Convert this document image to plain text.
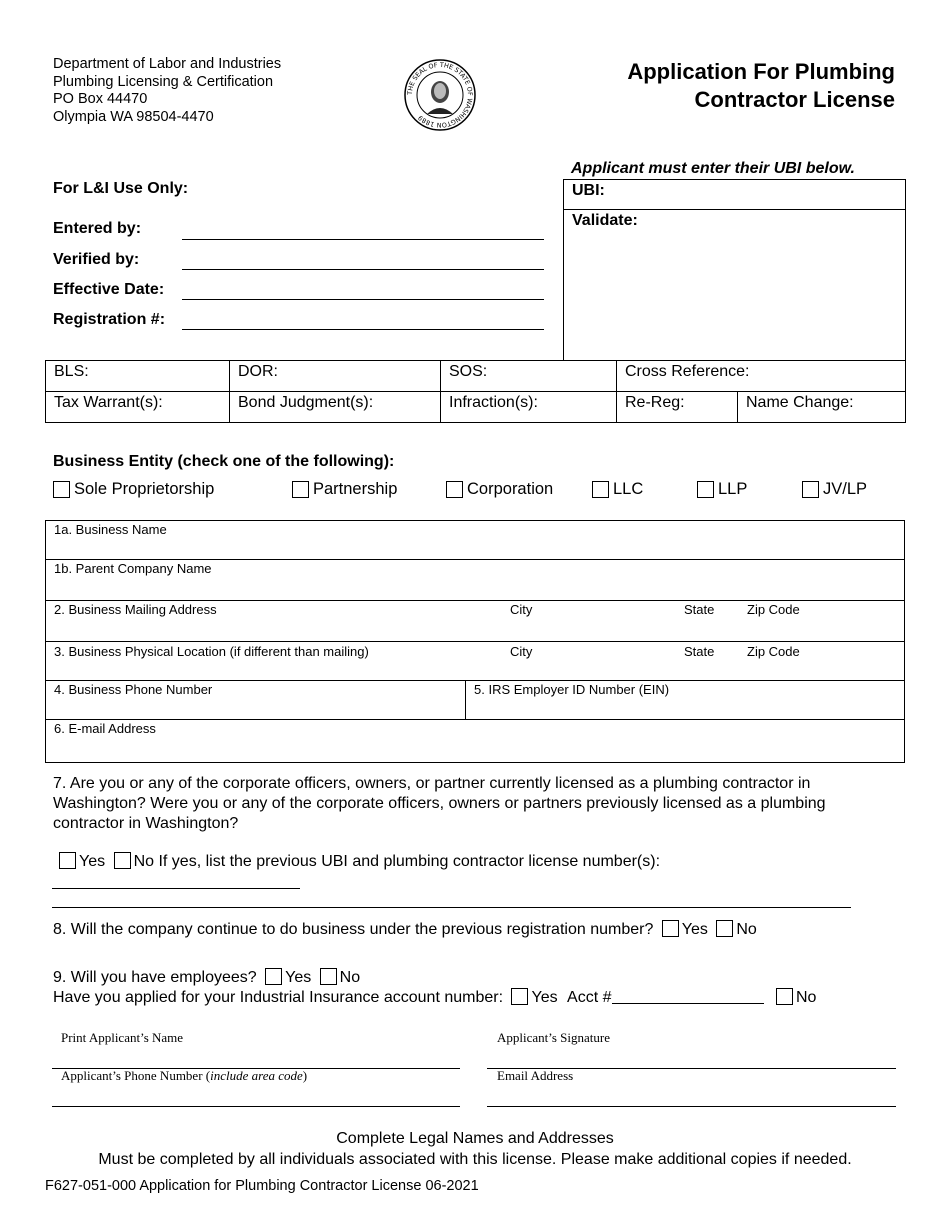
Department of Labor and Industries
Plumbing Licensing & Certification
PO Box 44470
Olympia WA 98504-4470
THE SEAL OF THE STATE OF WASHINGTON 1889
Application For Plumbing
Contractor License
For L&I Use Only:
Entered by:
Verified by:
Effective Date:
Registration #:
Applicant must enter their UBI below.
UBI:
Validate:
BLS:	DOR:	SOS:	Cross Reference:	
Tax Warrant(s):	Bond Judgment(s):	Infraction(s):	Re-Reg:	Name Change:
Business Entity (check one of the following):
Sole Proprietorship	Partnership	Corporation	LLC	LLP	JV/LP
1a. Business Name
1b. Parent Company Name
2. Business Mailing Address	City	State	Zip Code
3. Business Physical Location (if different than mailing)	City	State	Zip Code
4. Business Phone Number	5. IRS Employer ID Number (EIN)
6. E-mail Address
7. Are you or any of the corporate officers, owners, or partner currently licensed as a plumbing contractor in
Washington? Were you or any of the corporate officers, owners or partners previously licensed as a plumbing
contractor in Washington?
Yes No If yes, list the previous UBI and plumbing contractor license number(s):
8. Will the company continue to do business under the previous registration number? Yes No
9. Will you have employees? Yes No
Have you applied for your Industrial Insurance account number: Yes Acct #	No
Print Applicant’s Name	Applicant’s Signature
Applicant’s Phone Number (include area code)	Email Address
Complete Legal Names and Addresses
Must be completed by all individuals associated with this license. Please make additional copies if needed.
F627-051-000 Application for Plumbing Contractor License 06-2021
